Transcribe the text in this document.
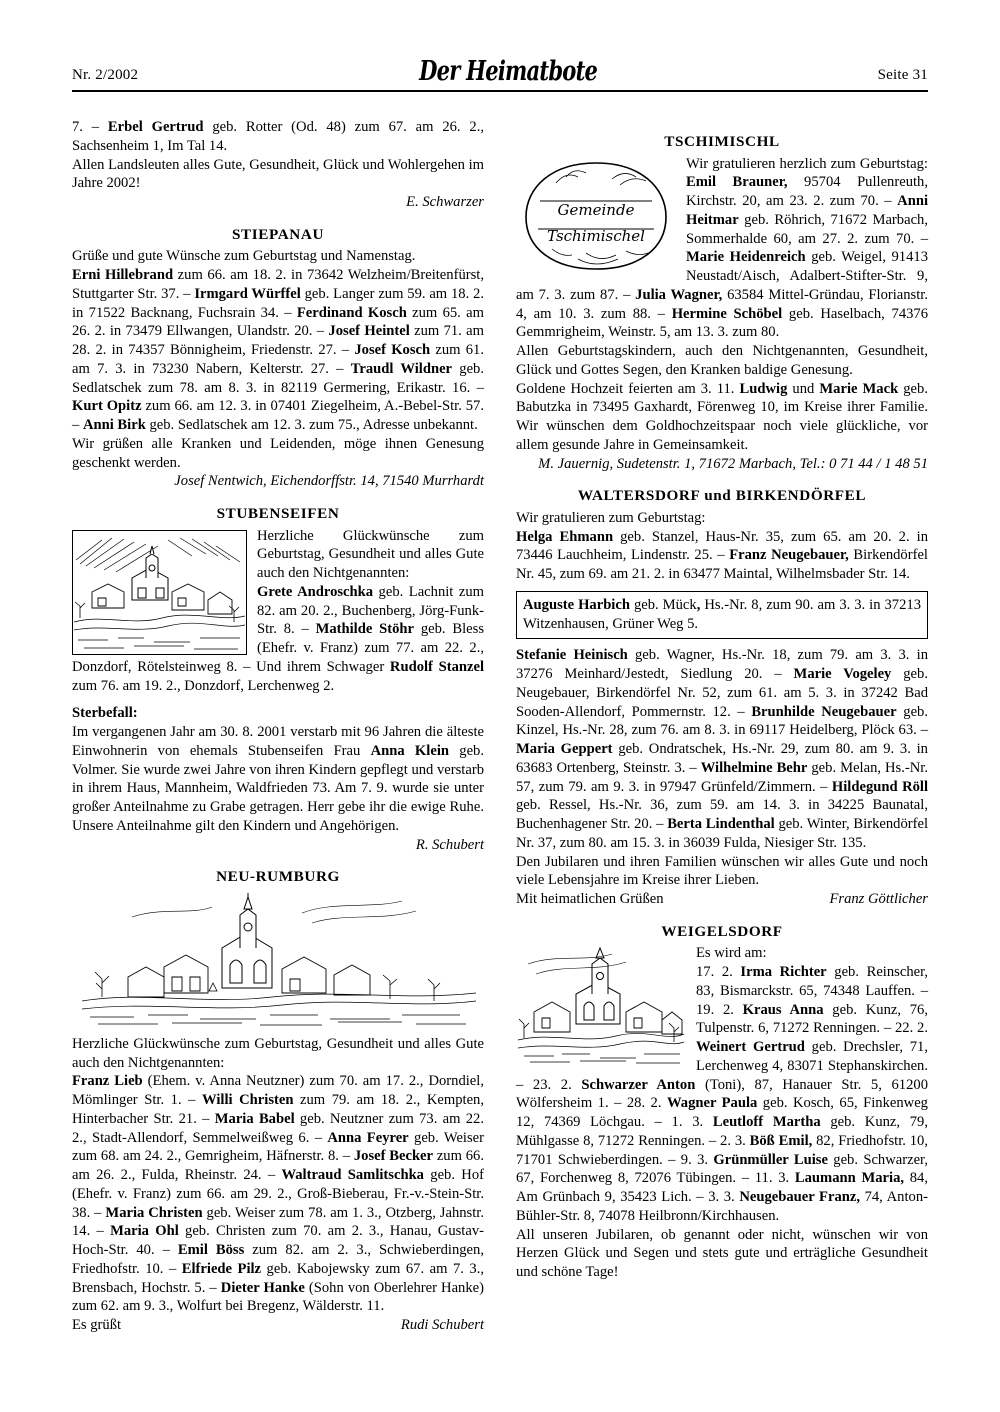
Nr. 2/2002	Der Heimatbote	Seite 31

7. – Erbel Gertrud geb. Rotter (Od. 48) zum 67. am 26. 2., Sachsenheim 1, Im Tal 14.

Allen Landsleuten alles Gute, Gesundheit, Glück und Wohlergehen im Jahre 2002!

E. Schwarzer
STIEPANAU

Grüße und gute Wünsche zum Geburtstag und Namenstag.

Erni Hillebrand zum 66. am 18. 2. in 73642 Welzheim/Breitenfürst, Stuttgarter Str. 37. – Irmgard Würffel geb. Langer zum 59. am 18. 2. in 71522 Backnang, Fuchsrain 34. – Ferdinand Kosch zum 65. am 26. 2. in 73479 Ellwangen, Ulandstr. 20. – Josef Heintel zum 71. am 28. 2. in 74357 Bönnigheim, Friedenstr. 27. – Josef Kosch zum 61. am 7. 3. in 73230 Nabern, Kelterstr. 27. – Traudl Wildner geb. Sedlatschek zum 78. am 8. 3. in 82119 Germering, Erikastr. 16. – Kurt Opitz zum 66. am 12. 3. in 07401 Ziegelheim, A.-Bebel-Str. 57. – Anni Birk geb. Sedlatschek am 12. 3. zum 75., Adresse unbekannt.

Wir grüßen alle Kranken und Leidenden, möge ihnen Genesung geschenkt werden.

Josef Nentwich, Eichendorffstr. 14, 71540 Murrhardt
STUBENSEIFEN

Herzliche Glückwünsche zum Geburtstag, Gesundheit und alles Gute auch den Nichtgenannten:

Grete Androschka geb. Lachnit zum 82. am 20. 2., Buchenberg, Jörg-Funk-Str. 8. – Mathilde Stöhr geb. Bless (Ehefr. v. Franz) zum 77. am 22. 2., Donzdorf, Rötelsteinweg 8. – Und ihrem Schwager Rudolf Stanzel zum 76. am 19. 2., Donzdorf, Lerchenweg 2.

Sterbefall:

Im vergangenen Jahr am 30. 8. 2001 verstarb mit 96 Jahren die älteste Einwohnerin von ehemals Stubenseifen Frau Anna Klein geb. Volmer. Sie wurde zwei Jahre von ihren Kindern gepflegt und verstarb in ihrem Haus, Mannheim, Waldfrieden 73. Am 7. 9. wurde sie unter großer Anteilnahme zu Grabe getragen. Herr gebe ihr die ewige Ruhe. Unsere Anteilnahme gilt den Kindern und Angehörigen.

R. Schubert
NEU-RUMBURG

Herzliche Glückwünsche zum Geburtstag, Gesundheit und alles Gute auch den Nichtgenannten:

Franz Lieb (Ehem. v. Anna Neutzner) zum 70. am 17. 2., Dorndiel, Mömlinger Str. 1. – Willi Christen zum 79. am 18. 2., Kempten, Hinterbacher Str. 21. – Maria Babel geb. Neutzner zum 73. am 22. 2., Stadt-Allendorf, Semmelweißweg 6. – Anna Feyrer geb. Weiser zum 68. am 24. 2., Gemrigheim, Häfnerstr. 8. – Josef Becker zum 66. am 26. 2., Fulda, Rheinstr. 24. – Waltraud Samlitschka geb. Hof (Ehefr. v. Franz) zum 66. am 29. 2., Groß-Bieberau, Fr.-v.-Stein-Str. 38. – Maria Christen geb. Weiser zum 78. am 1. 3., Otzberg, Jahnstr. 14. – Maria Ohl geb. Christen zum 70. am 2. 3., Hanau, Gustav-Hoch-Str. 40. – Emil Böss zum 82. am 2. 3., Schwieberdingen, Friedhofstr. 10. – Elfriede Pilz geb. Kabojewsky zum 67. am 7. 3., Brensbach, Hochstr. 5. – Dieter Hanke (Sohn von Oberlehrer Hanke) zum 62. am 9. 3., Wolfurt bei Bregenz, Wälderstr. 11.

Es grüßt	Rudi Schubert
TSCHIMISCHL
Gemeinde
Tschimischel

Wir gratulieren herzlich zum Geburtstag: Emil Brauner, 95704 Pullenreuth, Kirchstr. 20, am 23. 2. zum 70. – Anni Heitmar geb. Röhrich, 71672 Marbach, Sommerhalde 60, am 27. 2. zum 70. – Marie Heidenreich geb. Weigel, 91413 Neustadt/Aisch, Adalbert-Stifter-Str. 9, am 7. 3. zum 87. – Julia Wagner, 63584 Mittel-Gründau, Florianstr. 4, am 10. 3. zum 88. – Hermine Schöbel geb. Haselbach, 74376 Gemmrigheim, Weinstr. 5, am 13. 3. zum 80.

Allen Geburtstagskindern, auch den Nichtgenannten, Gesundheit, Glück und Gottes Segen, den Kranken baldige Genesung.

Goldene Hochzeit feierten am 3. 11. Ludwig und Marie Mack geb. Babutzka in 73495 Gaxhardt, Förenweg 10, im Kreise ihrer Familie. Wir wünschen dem Goldhochzeitspaar noch viele glückliche, vor allem gesunde Jahre in Gemeinsamkeit.

M. Jauernig, Sudetenstr. 1, 71672 Marbach, Tel.: 0 71 44 / 1 48 51
WALTERSDORF und BIRKENDÖRFEL

Wir gratulieren zum Geburtstag:

Helga Ehmann geb. Stanzel, Haus-Nr. 35, zum 65. am 20. 2. in 73446 Lauchheim, Lindenstr. 25. – Franz Neugebauer, Birkendörfel Nr. 45, zum 69. am 21. 2. in 63477 Maintal, Wilhelmsbader Str. 14.

Auguste Harbich geb. Mück, Hs.-Nr. 8, zum 90. am 3. 3. in 37213 Witzenhausen, Grüner Weg 5.

Stefanie Heinisch geb. Wagner, Hs.-Nr. 18, zum 79. am 3. 3. in 37276 Meinhard/Jestedt, Siedlung 20. – Marie Vogeley geb. Neugebauer, Birkendörfel Nr. 52, zum 61. am 5. 3. in 37242 Bad Sooden-Allendorf, Pommernstr. 12. – Brunhilde Neugebauer geb. Kinzel, Hs.-Nr. 28, zum 76. am 8. 3. in 69117 Heidelberg, Plöck 63. – Maria Geppert geb. Ondratschek, Hs.-Nr. 29, zum 80. am 9. 3. in 63683 Ortenberg, Steinstr. 3. – Wilhelmine Behr geb. Melan, Hs.-Nr. 57, zum 79. am 9. 3. in 97947 Grünfeld/Zimmern. – Hildegund Röll geb. Ressel, Hs.-Nr. 36, zum 59. am 14. 3. in 34225 Baunatal, Buchenhagener Str. 20. – Berta Lindenthal geb. Winter, Birkendörfel Nr. 37, zum 80. am 15. 3. in 36039 Fulda, Niesiger Str. 135.

Den Jubilaren und ihren Familien wünschen wir alles Gute und noch viele Lebensjahre im Kreise ihrer Lieben.

Mit heimatlichen Grüßen	Franz Göttlicher
WEIGELSDORF

Es wird am:

17. 2. Irma Richter geb. Reinscher, 83, Bismarckstr. 65, 74348 Lauffen. – 19. 2. Kraus Anna geb. Kunz, 76, Tulpenstr. 6, 71272 Renningen. – 22. 2. Weinert Gertrud geb. Drechsler, 71, Lerchenweg 4, 83071 Stephanskirchen. – 23. 2. Schwarzer Anton (Toni), 87, Hanauer Str. 5, 61200 Wölfersheim 1. – 28. 2. Wagner Paula geb. Kosch, 65, Finkenweg 12, 74369 Löchgau. – 1. 3. Leutloff Martha geb. Kunz, 79, Mühlgasse 8, 71272 Renningen. – 2. 3. Böß Emil, 82, Friedhofstr. 10, 71701 Schwieberdingen. – 9. 3. Grünmüller Luise geb. Schwarzer, 67, Forchenweg 8, 72076 Tübingen. – 11. 3. Laumann Maria, 84, Am Grünbach 9, 35423 Lich. – 3. 3. Neugebauer Franz, 74, Anton-Bühler-Str. 8, 74078 Heilbronn/Kirchhausen.

All unseren Jubilaren, ob genannt oder nicht, wünschen wir von Herzen Glück und Segen und stets gute und erträgliche Gesundheit und schöne Tage!
